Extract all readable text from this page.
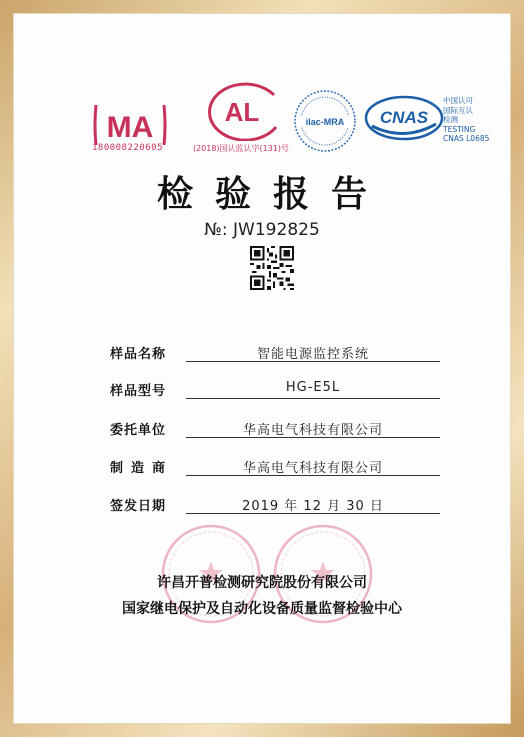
MA
180008220605
AL
(2018)国认监认字(131)号
ilac-MRA CNAS
中国认可
国际互认
检测
TESTING
CNAS L0685
检验报告
№: JW192825
样品名称	智能电源监控系统
样品型号	HG-E5L
委托单位	华高电气科技有限公司
制造商	华高电气科技有限公司
签发日期	2019 年 12 月 30 日
许昌开普检测研究院股份有限公司
国家继电保护及自动化设备质量监督检验中心
